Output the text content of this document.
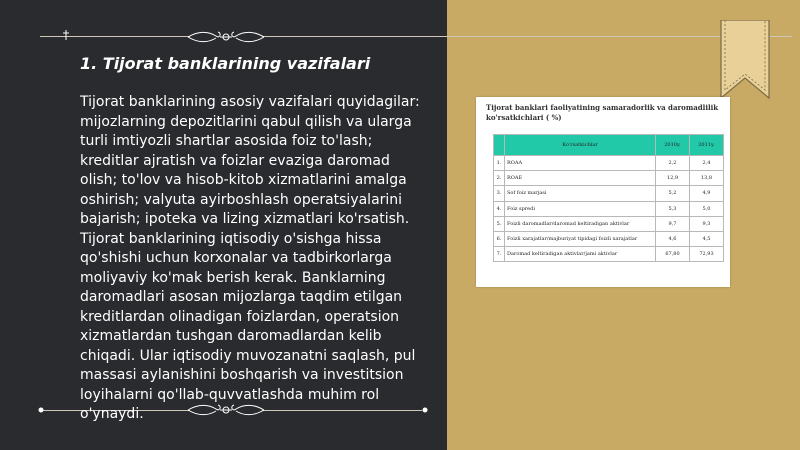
1. Tijorat banklarining vazifalari

Tijorat banklarining asosiy vazifalari quyidagilar: mijozlarning depozitlarini qabul qilish va ularga turli imtiyozli shartlar asosida foiz to'lash; kreditlar ajratish va foizlar evaziga daromad olish; to'lov va hisob-kitob xizmatlarini amalga oshirish; valyuta ayirboshlash operatsiyalarini bajarish; ipoteka va lizing xizmatlari ko'rsatish. Tijorat banklarining iqtisodiy o'sishga hissa qo'shishi uchun korxonalar va tadbirkorlarga moliyaviy ko'mak berish kerak. Banklarning daromadlari asosan mijozlarga taqdim etilgan kreditlardan olinadigan foizlardan, operatsion xizmatlardan tushgan daromadlardan kelib chiqadi. Ular iqtisodiy muvozanatni saqlash, pul massasi aylanishini boshqarish va investitsion loyihalarni qo'llab-quvvatlashda muhim rol o'ynaydi.

Tijorat banklari faoliyatining samaradorlik va daromadlilik ko'rsatkichlari ( %)

	Ko'rsatkichlar	2010y.	2011y.
1.	ROAA	2,2	2,4
2.	ROAE	12,9	13,8
3.	Sof foiz marjasi	5,2	4,9
4.	Foiz spredi	5,3	5,0
5.	Foizli daromadlar/daromad keltiradigan aktivlar	9,7	9,3
6.	Foizli xarajatlar/majburiyat tipidagi foizli xarajatlar	4,6	4,5
7.	Daromad keltiradigan aktivlar/jami aktivlar	67,80	72,93
